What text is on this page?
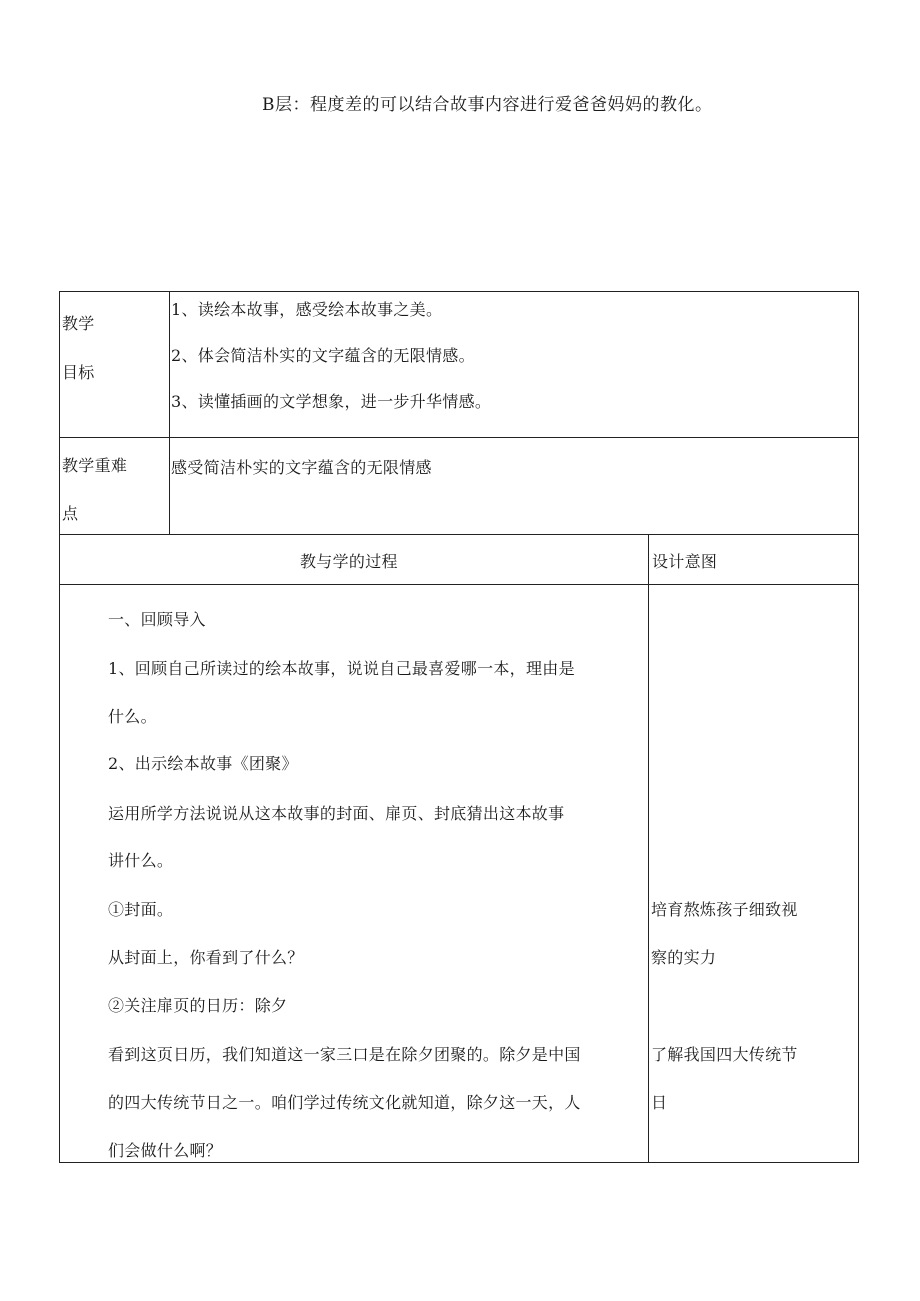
B层：程度差的可以结合故事内容进行爱爸爸妈妈的教化。
教学
目标
1、读绘本故事，感受绘本故事之美。
2、体会简洁朴实的文字蕴含的无限情感。
3、读懂插画的文学想象，进一步升华情感。
教学重难
点
感受简洁朴实的文字蕴含的无限情感
教与学的过程	设计意图
一、回顾导入
1、回顾自己所读过的绘本故事，说说自己最喜爱哪一本，理由是
什么。
2、出示绘本故事《团聚》
运用所学方法说说从这本故事的封面、扉页、封底猜出这本故事
讲什么。
①封面。
从封面上，你看到了什么？
②关注扉页的日历：除夕
看到这页日历，我们知道这一家三口是在除夕团聚的。除夕是中国
的四大传统节日之一。咱们学过传统文化就知道，除夕这一天，人
们会做什么啊？
培育熬炼孩子细致视
察的实力
了解我国四大传统节
日
